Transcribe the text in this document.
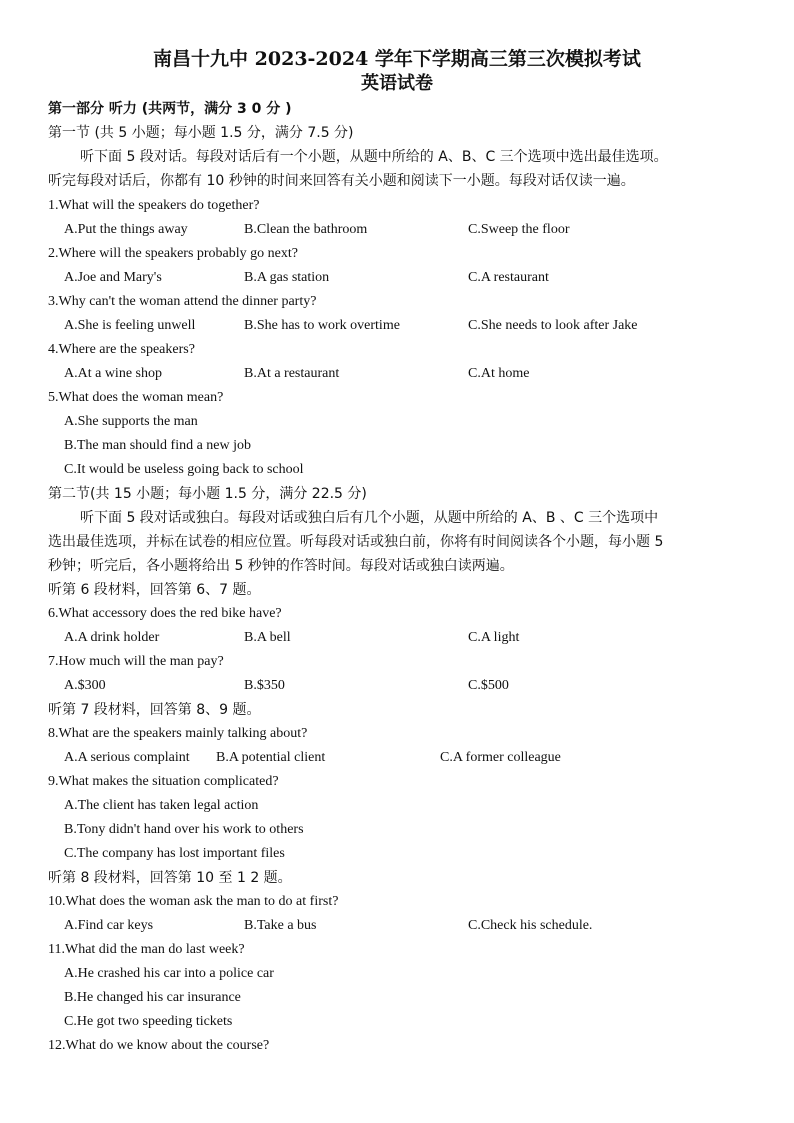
南昌十九中 2023-2024 学年下学期高三第三次模拟考试
英语试卷
第一部分 听力 (共两节，满分 3 0 分 )
第一节 (共 5 小题；每小题 1.5 分，满分 7.5 分)
听下面 5 段对话。每段对话后有一个小题，从题中所给的 A、B、C 三个选项中选出最佳选项。
听完每段对话后，你都有 10 秒钟的时间来回答有关小题和阅读下一小题。每段对话仅读一遍。
1.What will the speakers do together?
A.Put the things away	B.Clean the bathroom	C.Sweep the floor
2.Where will the speakers probably go next?
A.Joe and Mary's	B.A gas station	C.A restaurant
3.Why can't the woman attend the dinner party?
A.She is feeling unwell	B.She has to work overtime	C.She needs to look after Jake
4.Where are the speakers?
A.At a wine shop	B.At a restaurant	C.At home
5.What does the woman mean?
A.She supports the man
B.The man should find a new job
C.It would be useless going back to school
第二节(共 15 小题；每小题 1.5 分，满分 22.5 分)
听下面 5 段对话或独白。每段对话或独白后有几个小题，从题中所给的 A、B 、C 三个选项中
选出最佳选项，并标在试卷的相应位置。听每段对话或独白前，你将有时间阅读各个小题，每小题 5
秒钟；听完后，各小题将给出 5 秒钟的作答时间。每段对话或独白读两遍。
听第 6 段材料，回答第 6、7 题。
6.What accessory does the red bike have?
A.A drink holder	B.A bell	C.A light
7.How much will the man pay?
A.$300	B.$350	C.$500
听第 7 段材料，回答第 8、9 题。
8.What are the speakers mainly talking about?
A.A serious complaint B.A potential client	C.A former colleague
9.What makes the situation complicated?
A.The client has taken legal action
B.Tony didn't hand over his work to others
C.The company has lost important files
听第 8 段材料，回答第 10 至 1 2 题。
10.What does the woman ask the man to do at first?
A.Find car keys	B.Take a bus	C.Check his schedule.
11.What did the man do last week?
A.He crashed his car into a police car
B.He changed his car insurance
C.He got two speeding tickets
12.What do we know about the course?
